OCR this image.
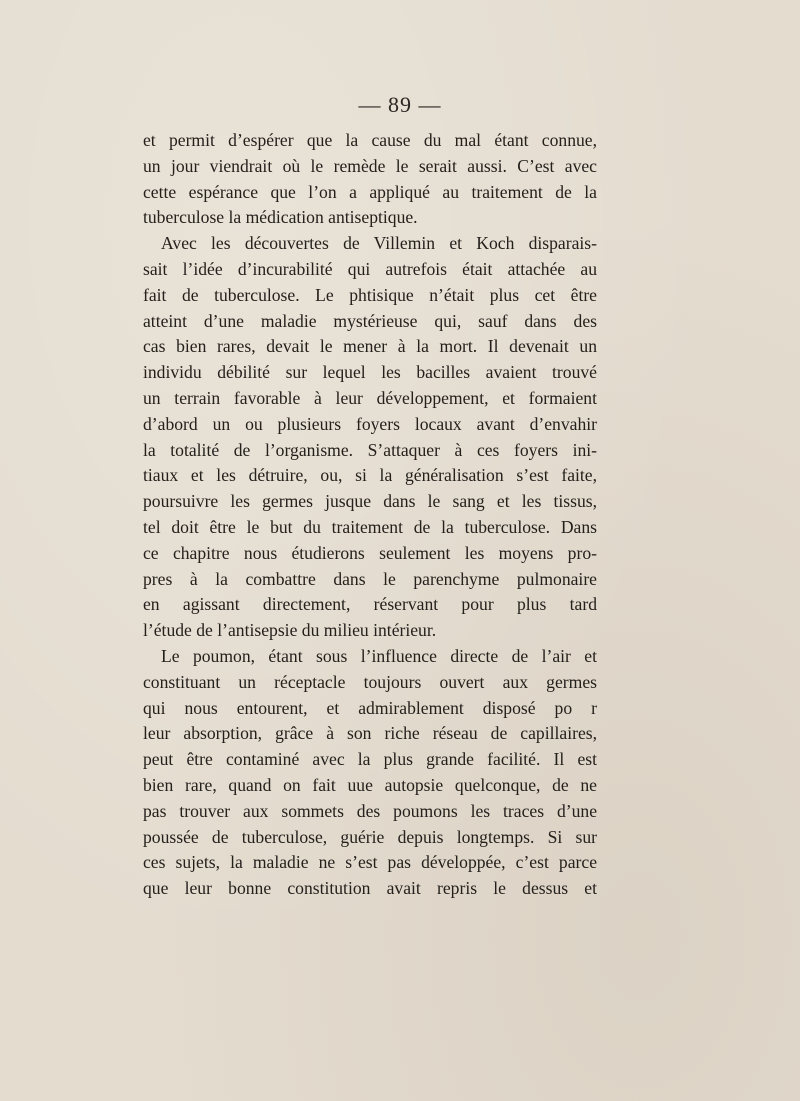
— 89 —
et permit d’espérer que la cause du mal étant connue,
un jour viendrait où le remède le serait aussi. C’est avec
cette espérance que l’on a appliqué au traitement de la
tuberculose la médication antiseptique.
Avec les découvertes de Villemin et Koch disparais-
sait l’idée d’incurabilité qui autrefois était attachée au
fait de tuberculose. Le phtisique n’était plus cet être
atteint d’une maladie mystérieuse qui, sauf dans des
cas bien rares, devait le mener à la mort. Il devenait un
individu débilité sur lequel les bacilles avaient trouvé
un terrain favorable à leur développement, et formaient
d’abord un ou plusieurs foyers locaux avant d’envahir
la totalité de l’organisme. S’attaquer à ces foyers ini-
tiaux et les détruire, ou, si la généralisation s’est faite,
poursuivre les germes jusque dans le sang et les tissus,
tel doit être le but du traitement de la tuberculose. Dans
ce chapitre nous étudierons seulement les moyens pro-
pres à la combattre dans le parenchyme pulmonaire
en agissant directement, réservant pour plus tard
l’étude de l’antisepsie du milieu intérieur.
Le poumon, étant sous l’influence directe de l’air et
constituant un réceptacle toujours ouvert aux germes
qui nous entourent, et admirablement disposé po r
leur absorption, grâce à son riche réseau de capillaires,
peut être contaminé avec la plus grande facilité. Il est
bien rare, quand on fait uue autopsie quelconque, de ne
pas trouver aux sommets des poumons les traces d’une
poussée de tuberculose, guérie depuis longtemps. Si sur
ces sujets, la maladie ne s’est pas développée, c’est parce
que leur bonne constitution avait repris le dessus et
